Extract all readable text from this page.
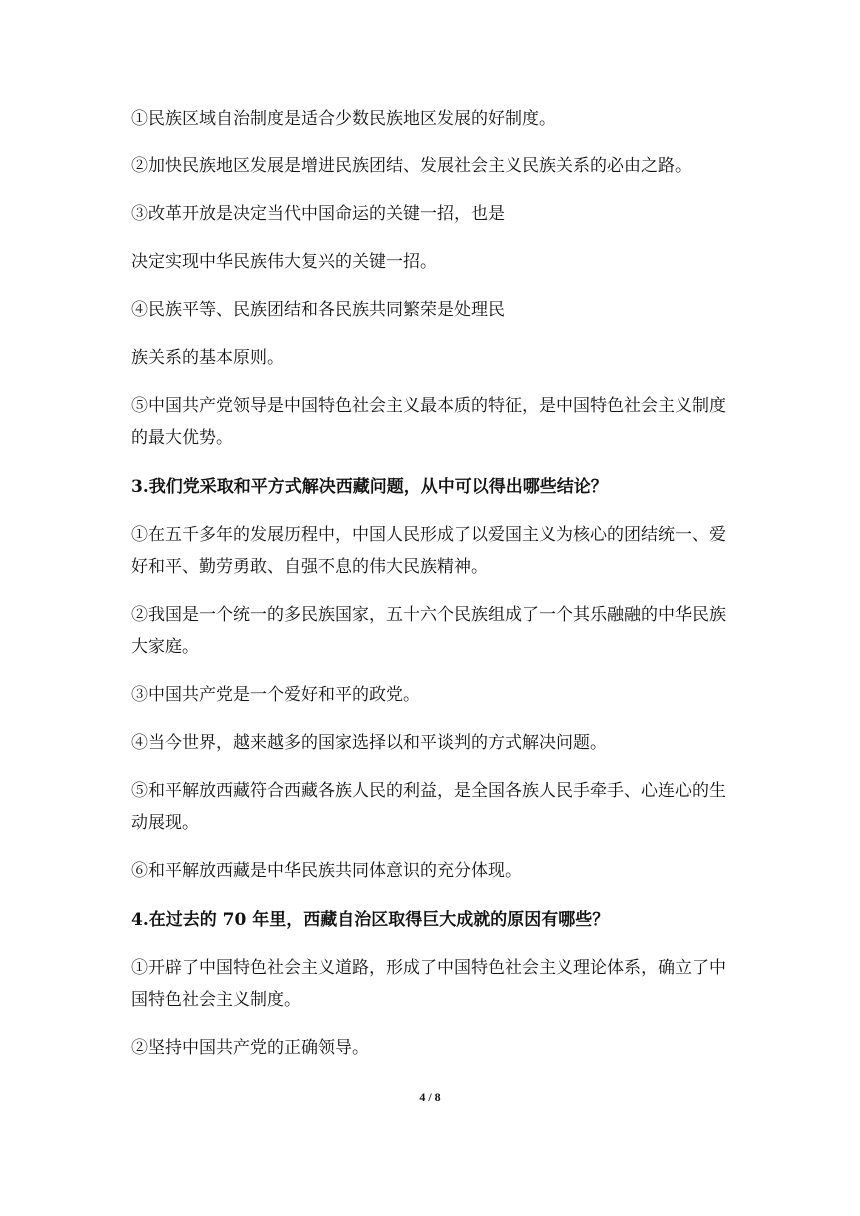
①民族区域自治制度是适合少数民族地区发展的好制度。
②加快民族地区发展是增进民族团结、发展社会主义民族关系的必由之路。
③改革开放是决定当代中国命运的关键一招，也是
决定实现中华民族伟大复兴的关键一招。
④民族平等、民族团结和各民族共同繁荣是处理民
族关系的基本原则。
⑤中国共产党领导是中国特色社会主义最本质的特征，是中国特色社会主义制度
的最大优势。
3.我们党采取和平方式解决西藏问题，从中可以得出哪些结论？
①在五千多年的发展历程中，中国人民形成了以爱国主义为核心的团结统一、爱
好和平、勤劳勇敢、自强不息的伟大民族精神。
②我国是一个统一的多民族国家，五十六个民族组成了一个其乐融融的中华民族
大家庭。
③中国共产党是一个爱好和平的政党。
④当今世界，越来越多的国家选择以和平谈判的方式解决问题。
⑤和平解放西藏符合西藏各族人民的利益，是全国各族人民手牵手、心连心的生
动展现。
⑥和平解放西藏是中华民族共同体意识的充分体现。
4.在过去的 70 年里，西藏自治区取得巨大成就的原因有哪些？
①开辟了中国特色社会主义道路，形成了中国特色社会主义理论体系，确立了中
国特色社会主义制度。
②坚持中国共产党的正确领导。
4 / 8
